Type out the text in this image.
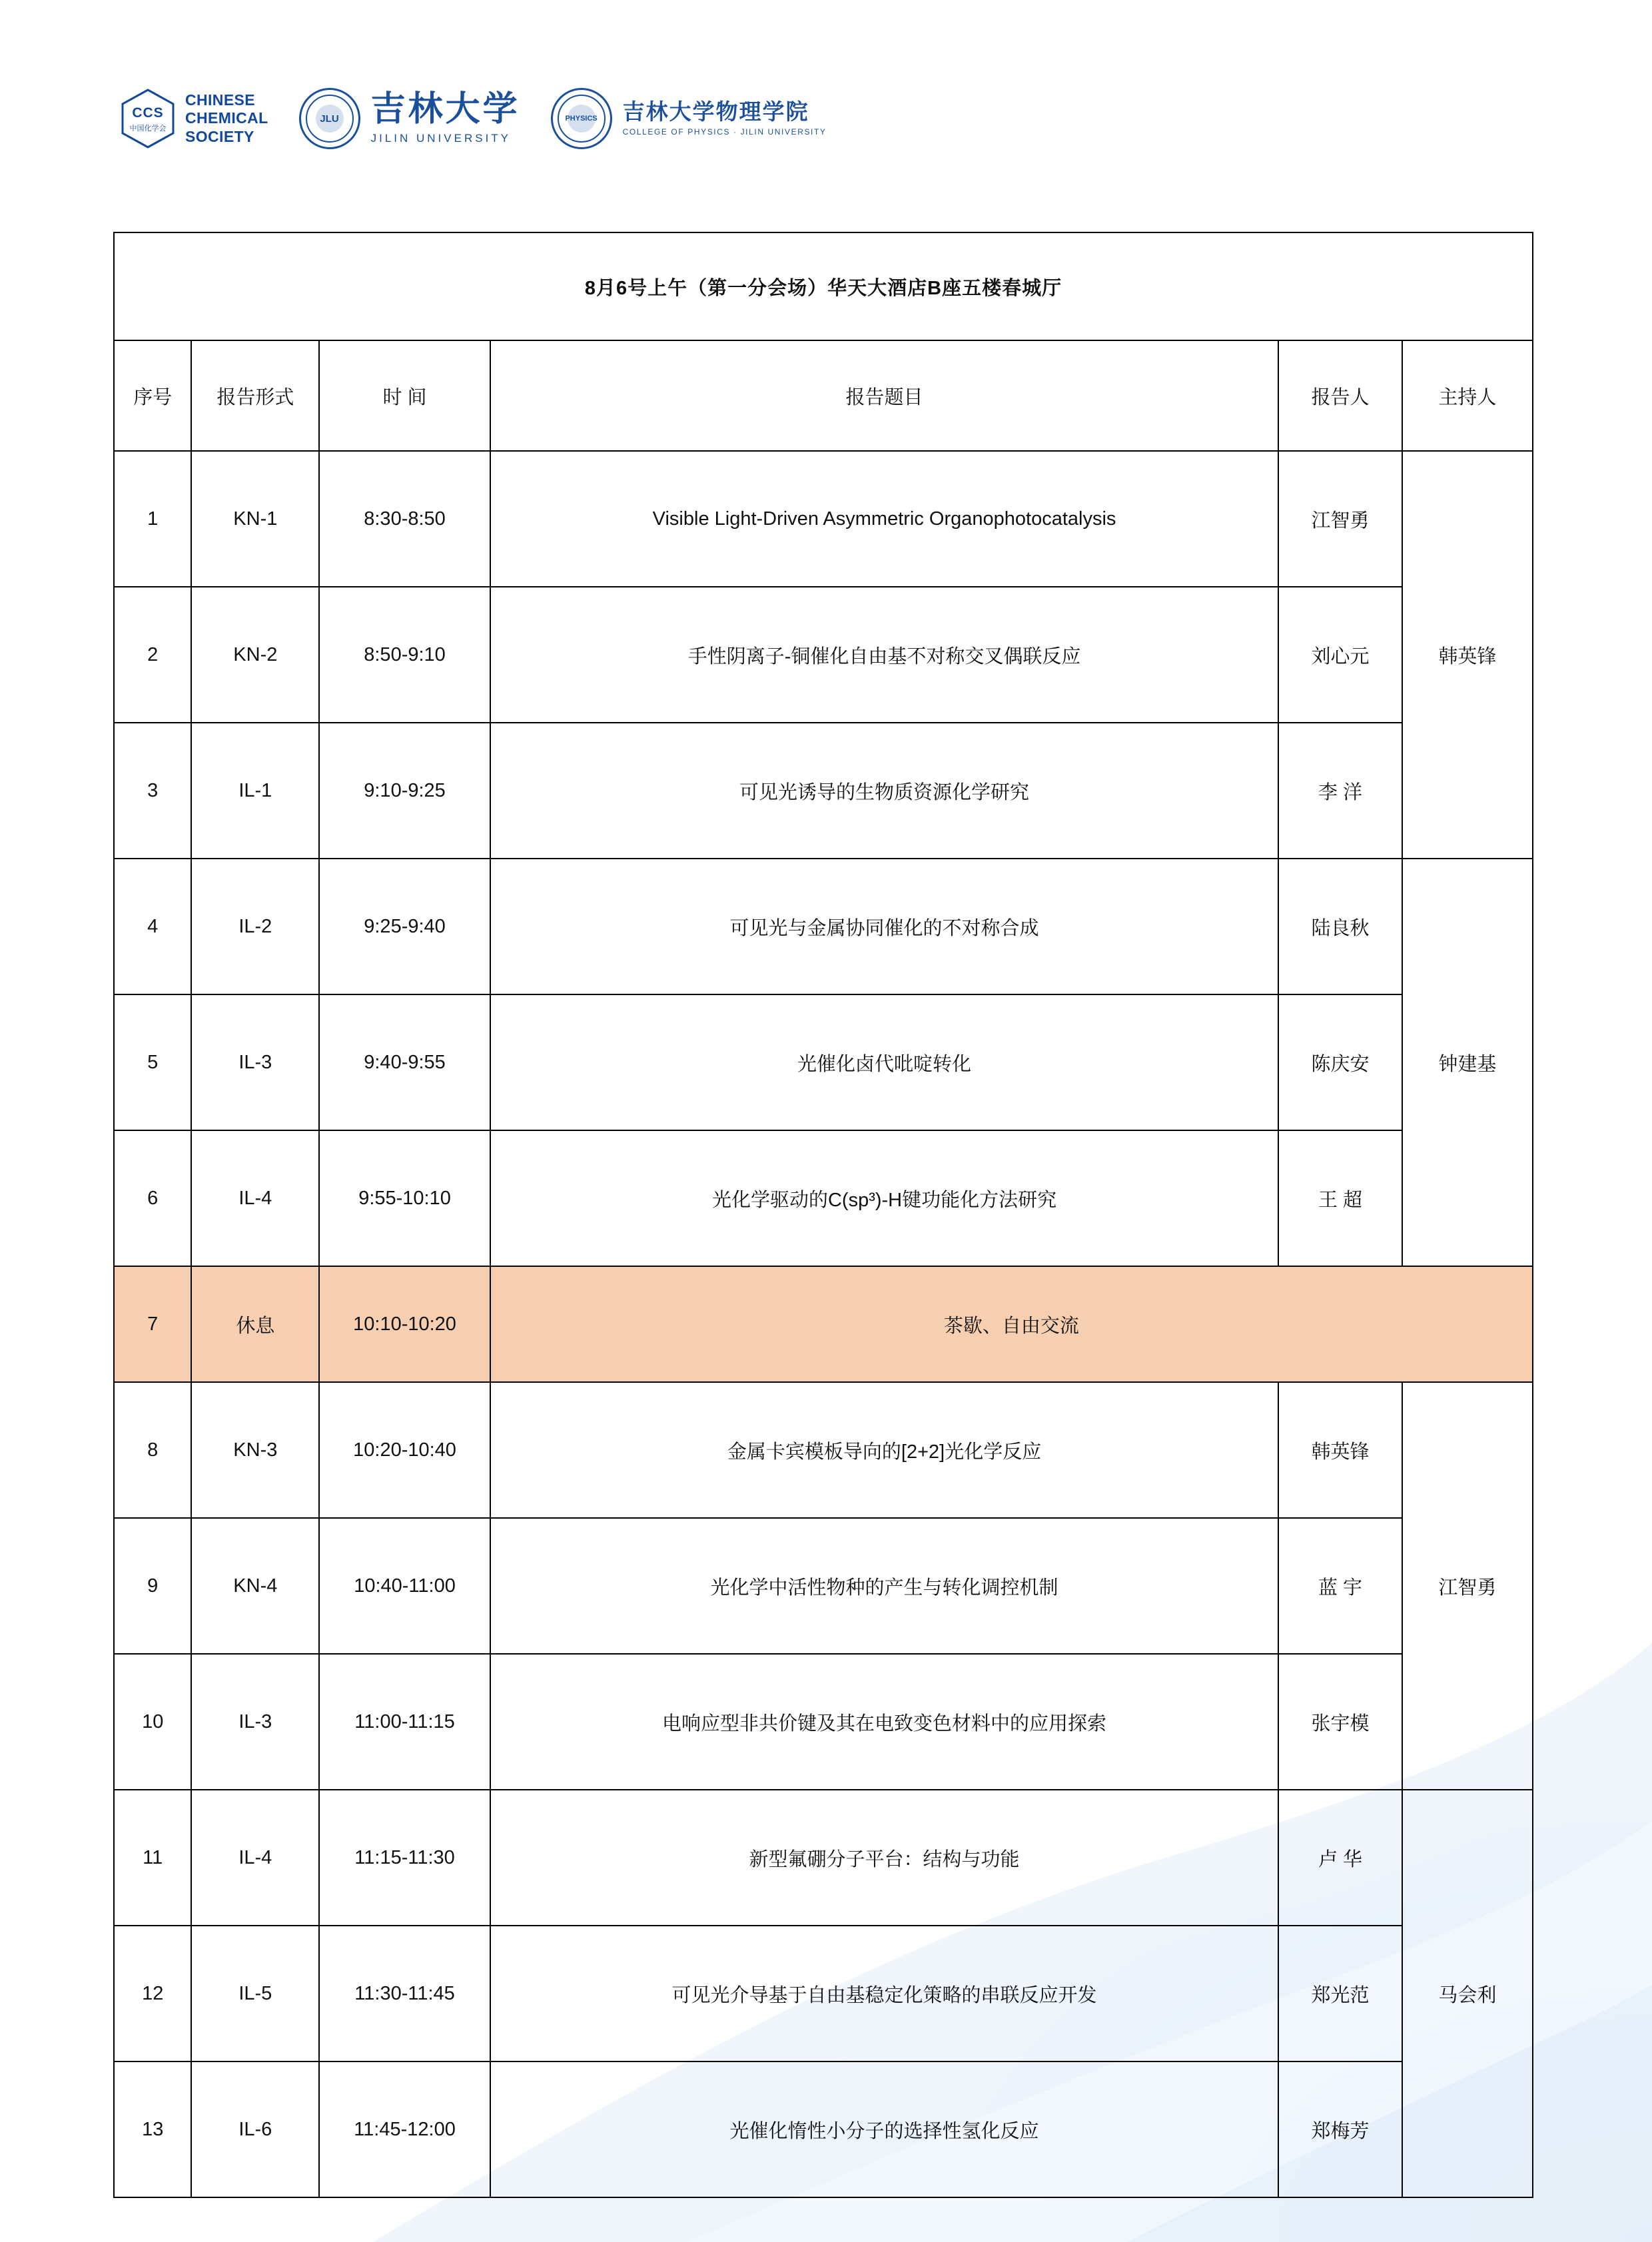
CCS
中国化学会
CHINESE
CHEMICAL
SOCIETY
JLU 吉林大学
JILIN UNIVERSITY
PHYSICS	吉林大学物理学院
COLLEGE OF PHYSICS · JILIN UNIVERSITY
8月6号上午（第一分会场）华天大酒店B座五楼春城厅					
序号	报告形式	时 间	报告题目	报告人	主持人
1	KN-1	8:30-8:50	Visible Light-Driven Asymmetric Organophotocatalysis	江智勇	韩英锋
2	KN-2	8:50-9:10	手性阴离子-铜催化自由基不对称交叉偶联反应	刘心元	
3	IL-1	9:10-9:25	可见光诱导的生物质资源化学研究	李 洋	
4	IL-2	9:25-9:40	可见光与金属协同催化的不对称合成	陆良秋	钟建基
5	IL-3	9:40-9:55	光催化卤代吡啶转化	陈庆安	
6	IL-4	9:55-10:10	光化学驱动的C(sp³)-H键功能化方法研究	王 超	
7	休息	10:10-10:20	茶歇、自由交流		
8	KN-3	10:20-10:40	金属卡宾模板导向的[2+2]光化学反应	韩英锋	江智勇
9	KN-4	10:40-11:00	光化学中活性物种的产生与转化调控机制	蓝 宇	
10	IL-3	11:00-11:15	电响应型非共价键及其在电致变色材料中的应用探索	张宇模	
11	IL-4	11:15-11:30	新型氟硼分子平台：结构与功能	卢 华	马会利
12	IL-5	11:30-11:45	可见光介导基于自由基稳定化策略的串联反应开发	郑光范	
13	IL-6	11:45-12:00	光催化惰性小分子的选择性氢化反应	郑梅芳	
